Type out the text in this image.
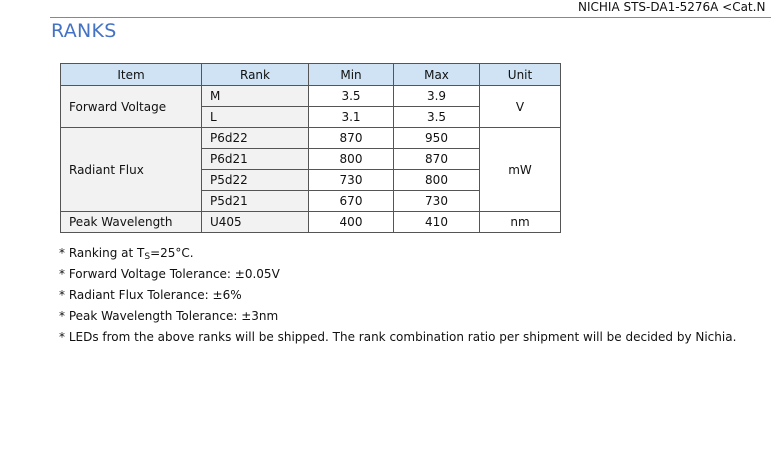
NICHIA STS-DA1-5276A <Cat.N
RANKS
Item	Rank	Min	Max	Unit
Forward Voltage	M	3.5	3.9	V
	L	3.1	3.5	
Radiant Flux	P6d22	870	950	mW
	P6d21	800	870	
	P5d22	730	800	
	P5d21	670	730	
Peak Wavelength	U405	400	410	nm
* Ranking at $T_S=25^\circ C$.
* Forward Voltage Tolerance: ±0.05V
* Radiant Flux Tolerance: ±6%
* Peak Wavelength Tolerance: ±3nm
* LEDs from the above ranks will be shipped. The rank combination ratio per shipment will be decided by Nichia.
